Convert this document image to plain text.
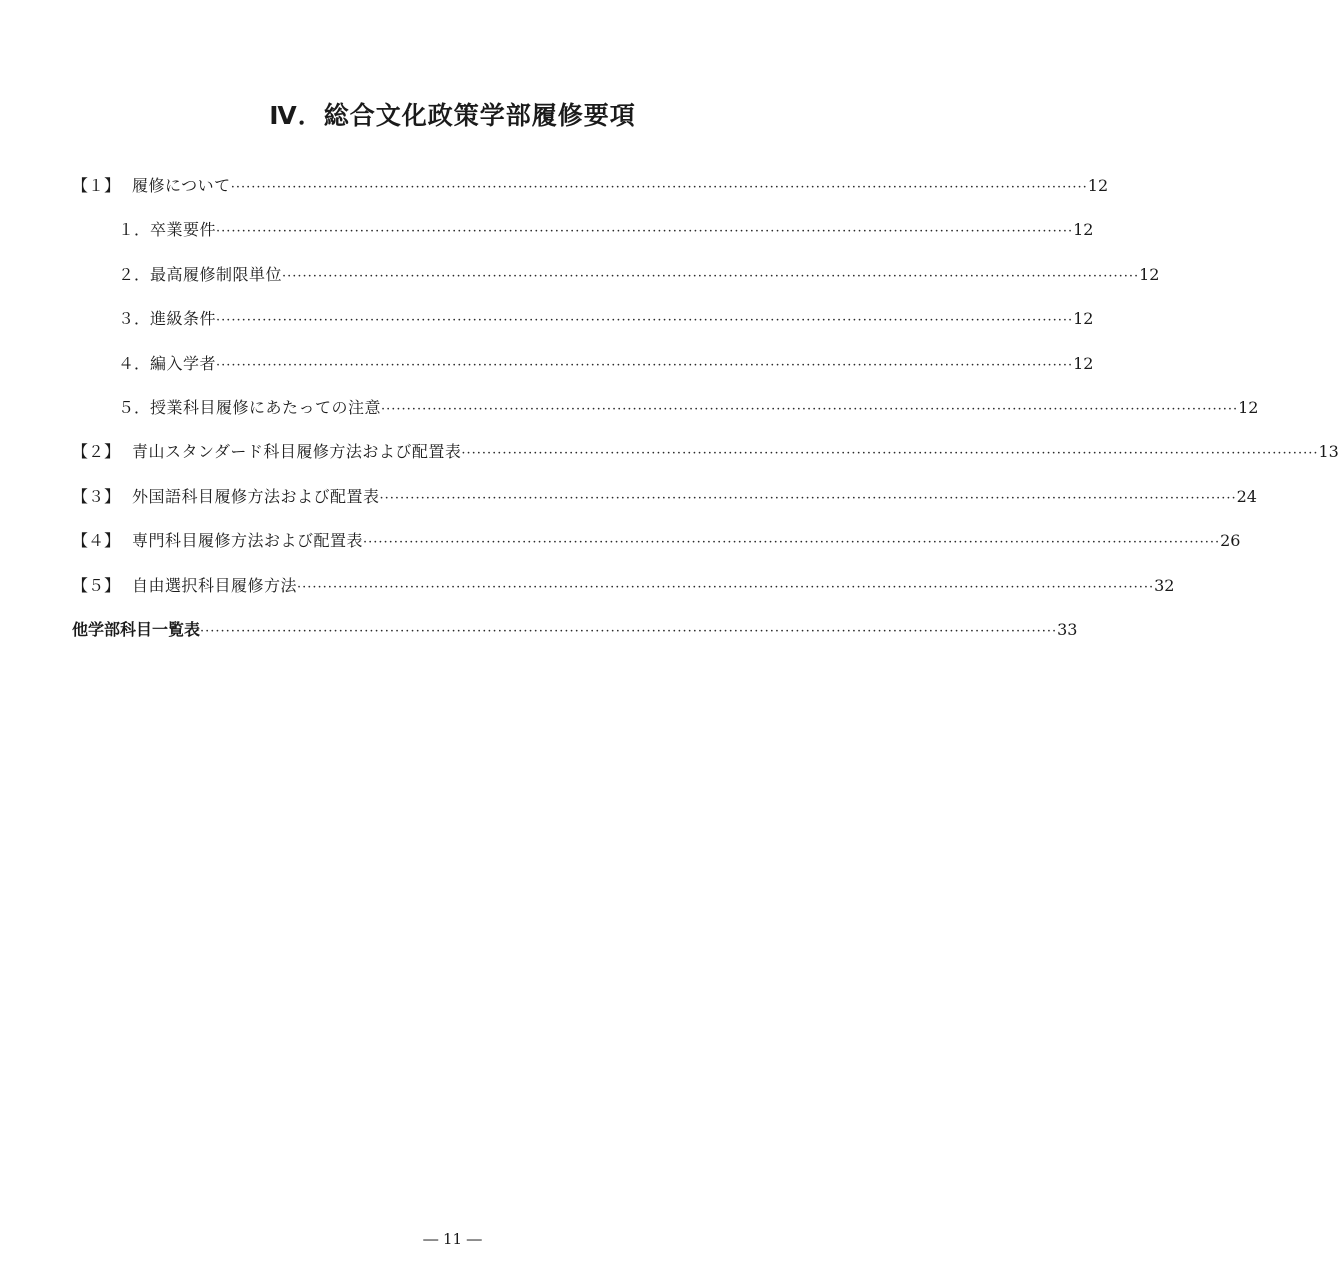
Ⅳ．総合文化政策学部履修要項
【１】 履修について ······································································································································································· 12
１． 卒業要件 ······································································································································································· 12
２． 最高履修制限単位 ······································································································································································· 12
３． 進級条件 ······································································································································································· 12
４． 編入学者 ······································································································································································· 12
５． 授業科目履修にあたっての注意 ······································································································································································· 12
【２】 青山スタンダード科目履修方法および配置表 ······································································································································································· 13
【３】 外国語科目履修方法および配置表 ······································································································································································· 24
【４】 専門科目履修方法および配置表 ······································································································································································· 26
【５】 自由選択科目履修方法 ······································································································································································· 32
他学部科目一覧表 ······································································································································································· 33
― 11 ―
